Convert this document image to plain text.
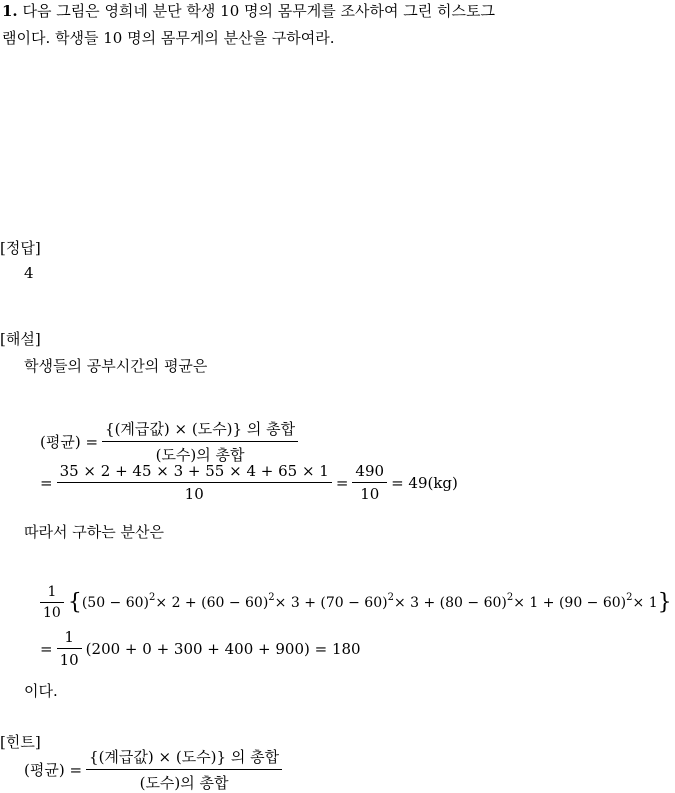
1. 다음 그림은 영희네 분단 학생 10 명의 몸무게를 조사하여 그린 히스토그
램이다. 학생들 10 명의 몸무게의 분산을 구하여라.
[정답]
4
[해설]
학생들의 공부시간의 평균은
(평균) = $\frac{\text{\{(계급값) × (도수)\} 의 총합}}{\text{(도수)의 총합}}$
= $\frac{35 \times 2 + 45 \times 3 + 55 \times 4 + 65 \times 1}{10} = \frac{490}{10} = 49(kg)$
따라서 구하는 분산은
$\frac{1}{10}$ { $(50 - 60)^2 \times 2 + (60 - 60)^2 \times 3 + (70 - 60)^2 \times 3 + (80 - 60)^2 \times 1 + (90 - 60)^2 \times 1$ }
= $\frac{1}{10} (200 + 0 + 300 + 400 + 900) = 180$
이다.
[힌트]
(평균) = $\frac{\text{\{(계급값) × (도수)\} 의 총합}}{\text{(도수)의 총합}}$
